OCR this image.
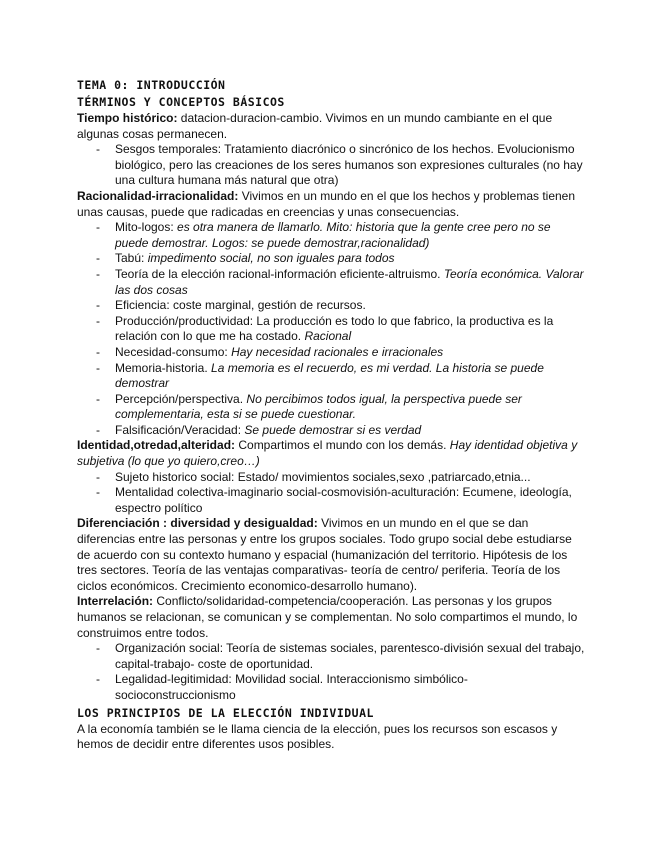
TEMA 0: INTRODUCCIÓN
TÉRMINOS Y CONCEPTOS BÁSICOS

Tiempo histórico: datacion-duracion-cambio. Vivimos en un mundo cambiante en el que algunas cosas permanecen.

- Sesgos temporales: Tratamiento diacrónico o sincrónico de los hechos. Evolucionismo biológico, pero las creaciones de los seres humanos son expresiones culturales (no hay una cultura humana más natural que otra)

Racionalidad-irracionalidad: Vivimos en un mundo en el que los hechos y problemas tienen unas causas, puede que radicadas en creencias y unas consecuencias.

- Mito-logos: es otra manera de llamarlo. Mito: historia que la gente cree pero no se puede demostrar. Logos: se puede demostrar,racionalidad)
- Tabú: impedimento social, no son iguales para todos
- Teoría de la elección racional-información eficiente-altruismo. Teoría económica. Valorar las dos cosas
- Eficiencia: coste marginal, gestión de recursos.
- Producción/productividad: La producción es todo lo que fabrico, la productiva es la relación con lo que me ha costado. Racional
- Necesidad-consumo: Hay necesidad racionales e irracionales
- Memoria-historia. La memoria es el recuerdo, es mi verdad. La historia se puede demostrar
- Percepción/perspectiva. No percibimos todos igual, la perspectiva puede ser complementaria, esta si se puede cuestionar.
- Falsificación/Veracidad: Se puede demostrar si es verdad

Identidad,otredad,alteridad: Compartimos el mundo con los demás. Hay identidad objetiva y subjetiva (lo que yo quiero,creo…)

- Sujeto historico social: Estado/ movimientos sociales,sexo ,patriarcado,etnia...
- Mentalidad colectiva-imaginario social-cosmovisión-aculturación: Ecumene, ideología, espectro político

Diferenciación : diversidad y desigualdad: Vivimos en un mundo en el que se dan diferencias entre las personas y entre los grupos sociales. Todo grupo social debe estudiarse de acuerdo con su contexto humano y espacial (humanización del territorio. Hipótesis de los tres sectores. Teoría de las ventajas comparativas- teoría de centro/ periferia. Teoría de los ciclos económicos. Crecimiento economico-desarrollo humano).

Interrelación: Conflicto/solidaridad-competencia/cooperación. Las personas y los grupos humanos se relacionan, se comunican y se complementan. No solo compartimos el mundo, lo construimos entre todos.

- Organización social: Teoría de sistemas sociales, parentesco-división sexual del trabajo, capital-trabajo- coste de oportunidad.
- Legalidad-legitimidad: Movilidad social. Interaccionismo simbólico-socioconstruccionismo
LOS PRINCIPIOS DE LA ELECCIÓN INDIVIDUAL

A la economía también se le llama ciencia de la elección, pues los recursos son escasos y hemos de decidir entre diferentes usos posibles.
